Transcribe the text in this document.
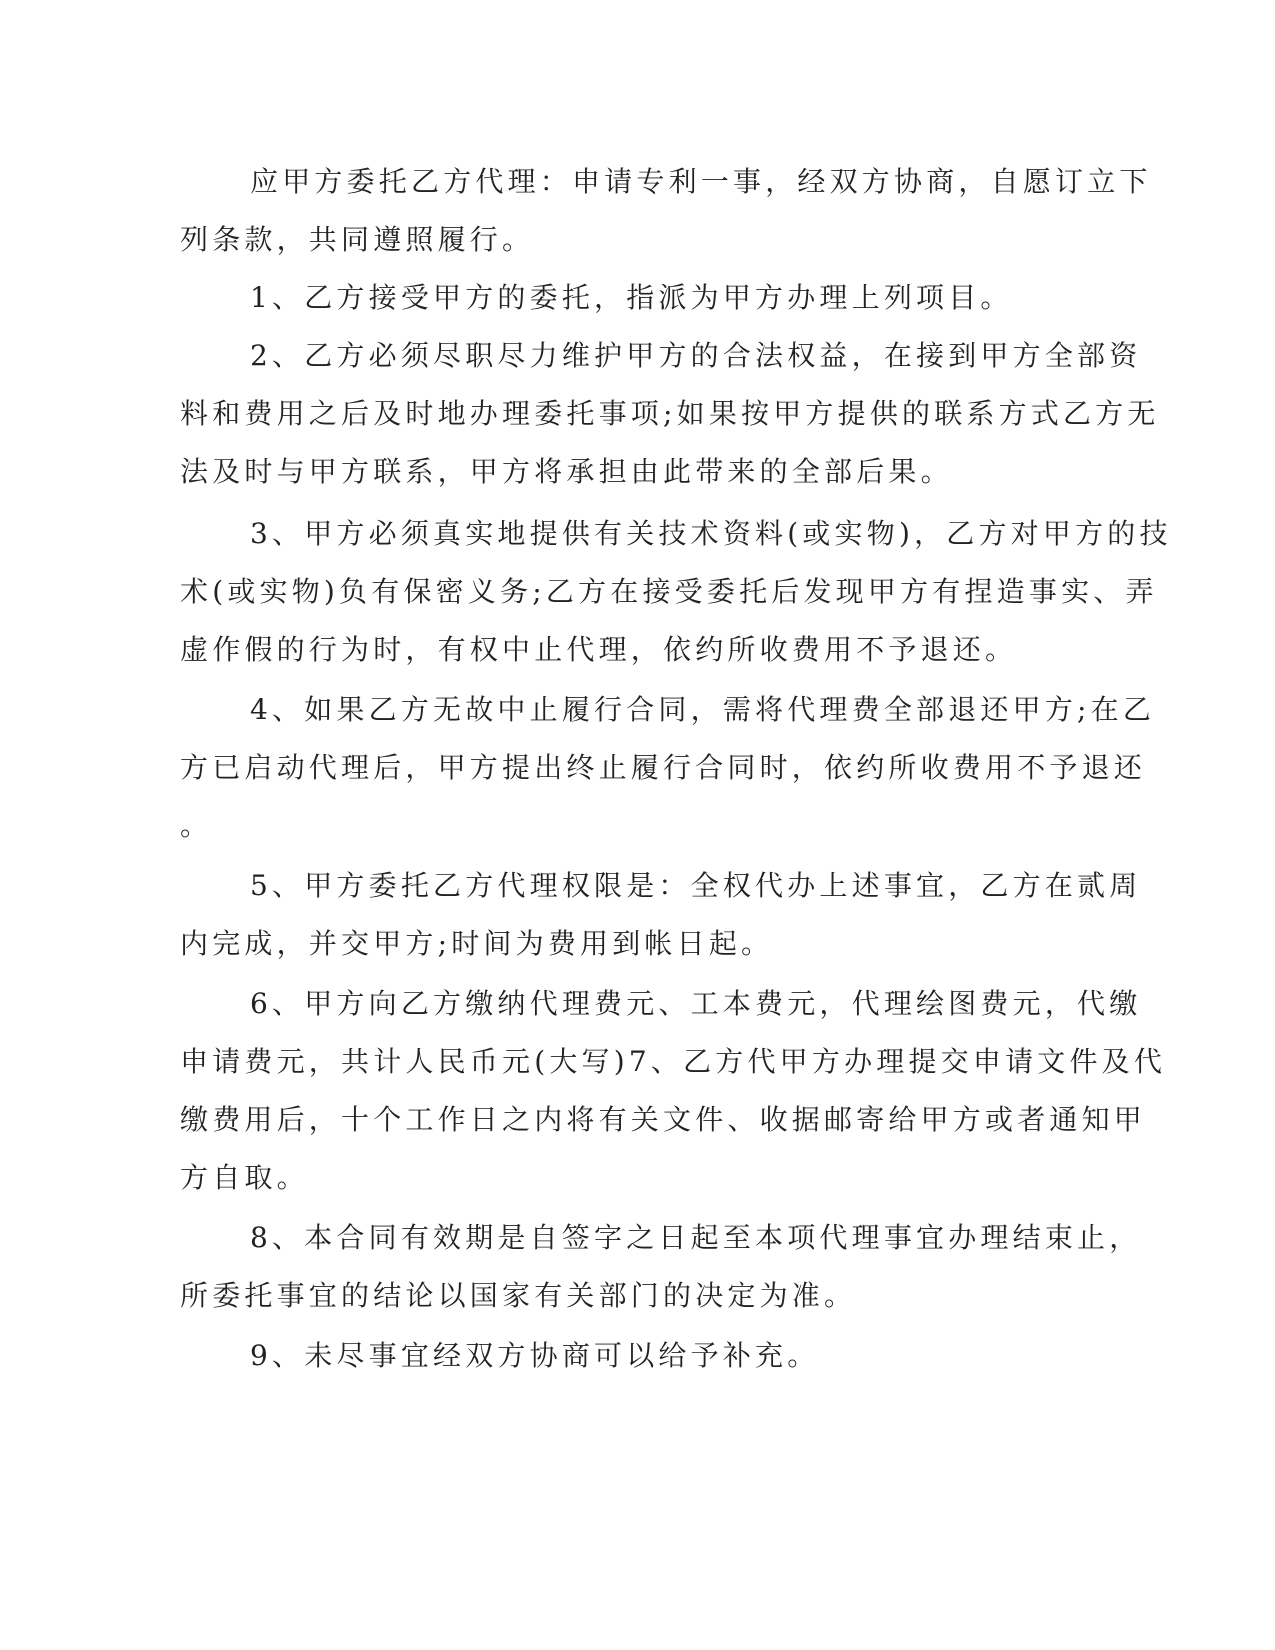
应甲方委托乙方代理：申请专利一事，经双方协商，自愿订立下
列条款，共同遵照履行。
1、乙方接受甲方的委托，指派为甲方办理上列项目。
2、乙方必须尽职尽力维护甲方的合法权益，在接到甲方全部资
料和费用之后及时地办理委托事项;如果按甲方提供的联系方式乙方无
法及时与甲方联系，甲方将承担由此带来的全部后果。
3、甲方必须真实地提供有关技术资料(或实物)，乙方对甲方的技
术(或实物)负有保密义务;乙方在接受委托后发现甲方有捏造事实、弄
虚作假的行为时，有权中止代理，依约所收费用不予退还。
4、如果乙方无故中止履行合同，需将代理费全部退还甲方;在乙
方已启动代理后，甲方提出终止履行合同时，依约所收费用不予退还
。
5、甲方委托乙方代理权限是：全权代办上述事宜，乙方在贰周
内完成，并交甲方;时间为费用到帐日起。
6、甲方向乙方缴纳代理费元、工本费元，代理绘图费元，代缴
申请费元，共计人民币元(大写)7、乙方代甲方办理提交申请文件及代
缴费用后，十个工作日之内将有关文件、收据邮寄给甲方或者通知甲
方自取。
8、本合同有效期是自签字之日起至本项代理事宜办理结束止，
所委托事宜的结论以国家有关部门的决定为准。
9、未尽事宜经双方协商可以给予补充。
